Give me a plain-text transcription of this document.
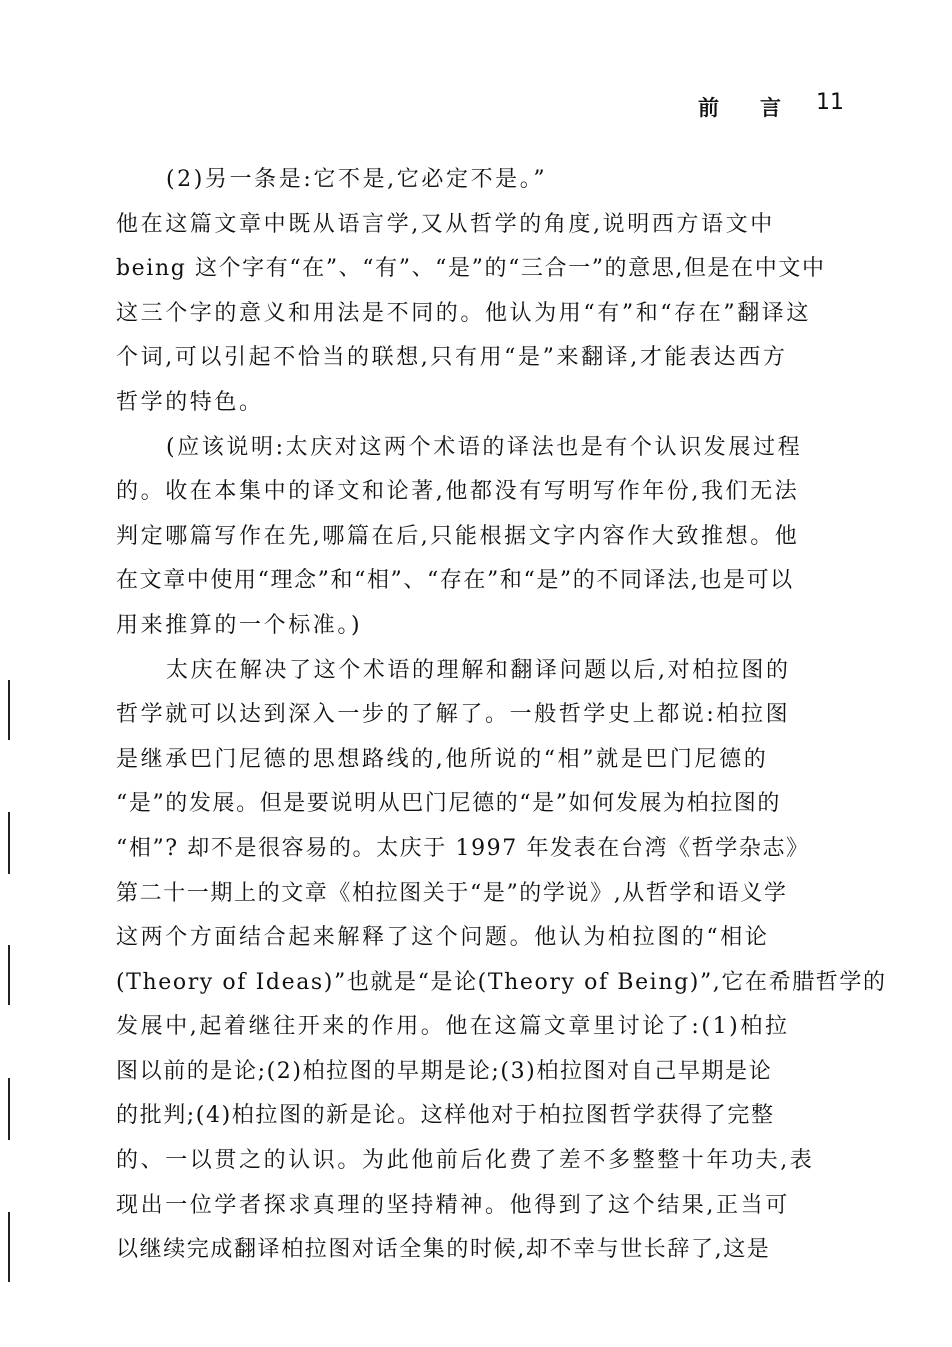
前 言 11
(2)另一条是:它不是,它必定不是。”
他在这篇文章中既从语言学,又从哲学的角度,说明西方语文中
being 这个字有“在”、“有”、“是”的“三合一”的意思,但是在中文中
这三个字的意义和用法是不同的。他认为用“有”和“存在”翻译这
个词,可以引起不恰当的联想,只有用“是”来翻译,才能表达西方
哲学的特色。
(应该说明:太庆对这两个术语的译法也是有个认识发展过程
的。收在本集中的译文和论著,他都没有写明写作年份,我们无法
判定哪篇写作在先,哪篇在后,只能根据文字内容作大致推想。他
在文章中使用“理念”和“相”、“存在”和“是”的不同译法,也是可以
用来推算的一个标准。)
太庆在解决了这个术语的理解和翻译问题以后,对柏拉图的
哲学就可以达到深入一步的了解了。一般哲学史上都说:柏拉图
是继承巴门尼德的思想路线的,他所说的“相”就是巴门尼德的
“是”的发展。但是要说明从巴门尼德的“是”如何发展为柏拉图的
“相”? 却不是很容易的。太庆于 1997 年发表在台湾《哲学杂志》
第二十一期上的文章《柏拉图关于“是”的学说》,从哲学和语义学
这两个方面结合起来解释了这个问题。他认为柏拉图的“相论
(Theory of Ideas)”也就是“是论(Theory of Being)”,它在希腊哲学的
发展中,起着继往开来的作用。他在这篇文章里讨论了:(1)柏拉
图以前的是论;(2)柏拉图的早期是论;(3)柏拉图对自己早期是论
的批判;(4)柏拉图的新是论。这样他对于柏拉图哲学获得了完整
的、一以贯之的认识。为此他前后化费了差不多整整十年功夫,表
现出一位学者探求真理的坚持精神。他得到了这个结果,正当可
以继续完成翻译柏拉图对话全集的时候,却不幸与世长辞了,这是
